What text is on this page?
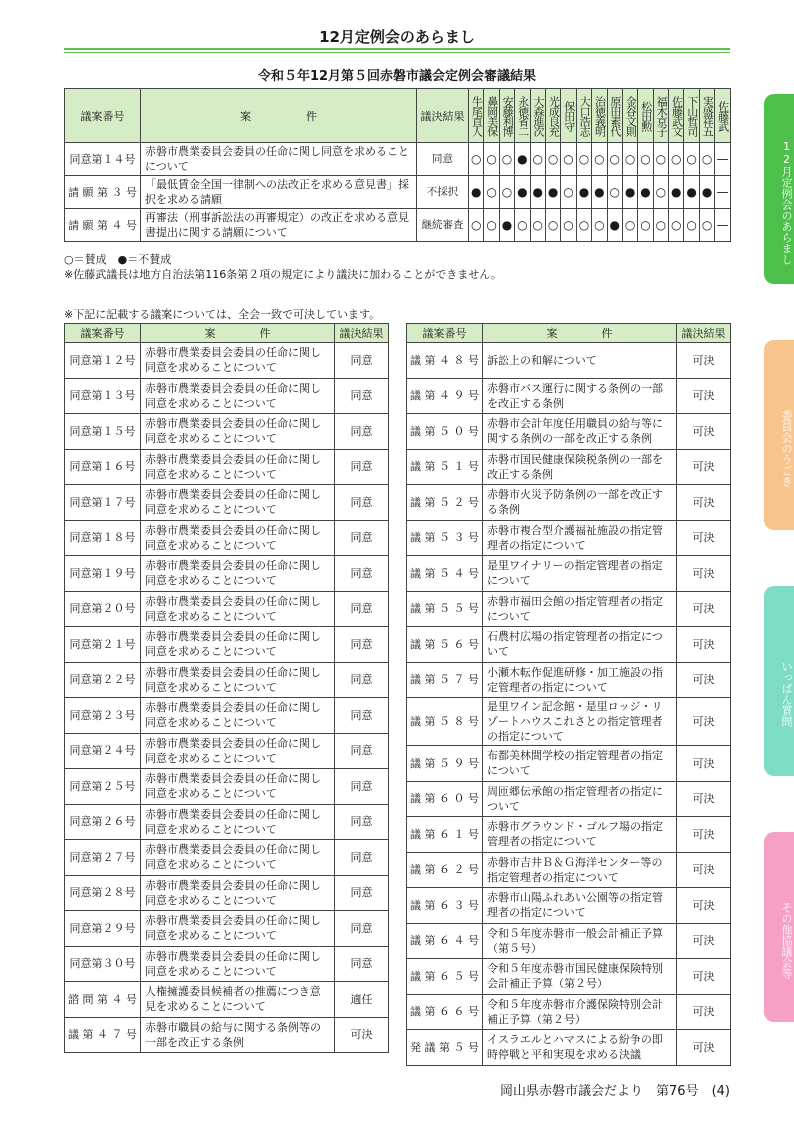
12月定例会のあらまし
令和５年12月第５回赤磐市議会定例会審議結果
議案番号	案　　　　　件	議決結果	牛尾直人	鼻岡美保	安藤利博	永徳省二	大森進次	光成良充	保田守	大口浩志	治徳義明	原田素代	金谷文則	松田勲	福木京子	佐藤武文	下山哲司	実盛祥五	佐藤武
同意第１４号	赤磐市農業委員会委員の任命に関し同意を求めることについて	同意	○	○	○	●	○	○	○	○	○	○	○	○	○	○	○	○	—
請 願 第 ３ 号	「最低賃金全国一律制への法改正を求める意見書」採択を求める請願	不採択	●	○	○	●	●	●	○	●	●	○	●	●	○	●	●	●	—
請 願 第 ４ 号	再審法（刑事訴訟法の再審規定）の改正を求める意見書提出に関する請願について	継続審査	○	○	●	○	○	○	○	○	○	●	○	○	○	○	○	○	—
○＝賛成　●＝不賛成
※佐藤武議長は地方自治法第116条第２項の規定により議決に加わることができません。
※下記に記載する議案については、全会一致で可決しています。
議案番号	案　　　　件	議決結果
同意第１２号	赤磐市農業委員会委員の任命に関し同意を求めることについて	同意
同意第１３号	赤磐市農業委員会委員の任命に関し同意を求めることについて	同意
同意第１５号	赤磐市農業委員会委員の任命に関し同意を求めることについて	同意
同意第１６号	赤磐市農業委員会委員の任命に関し同意を求めることについて	同意
同意第１７号	赤磐市農業委員会委員の任命に関し同意を求めることについて	同意
同意第１８号	赤磐市農業委員会委員の任命に関し同意を求めることについて	同意
同意第１９号	赤磐市農業委員会委員の任命に関し同意を求めることについて	同意
同意第２０号	赤磐市農業委員会委員の任命に関し同意を求めることについて	同意
同意第２１号	赤磐市農業委員会委員の任命に関し同意を求めることについて	同意
同意第２２号	赤磐市農業委員会委員の任命に関し同意を求めることについて	同意
同意第２３号	赤磐市農業委員会委員の任命に関し同意を求めることについて	同意
同意第２４号	赤磐市農業委員会委員の任命に関し同意を求めることについて	同意
同意第２５号	赤磐市農業委員会委員の任命に関し同意を求めることについて	同意
同意第２６号	赤磐市農業委員会委員の任命に関し同意を求めることについて	同意
同意第２７号	赤磐市農業委員会委員の任命に関し同意を求めることについて	同意
同意第２８号	赤磐市農業委員会委員の任命に関し同意を求めることについて	同意
同意第２９号	赤磐市農業委員会委員の任命に関し同意を求めることについて	同意
同意第３０号	赤磐市農業委員会委員の任命に関し同意を求めることについて	同意
諮 問 第 ４ 号	人権擁護委員候補者の推薦につき意見を求めることについて	適任
議 第 ４ ７ 号	赤磐市職員の給与に関する条例等の一部を改正する条例	可決
議案番号	案　　　　件	議決結果
議 第 ４ ８ 号	訴訟上の和解について	可決
議 第 ４ ９ 号	赤磐市バス運行に関する条例の一部を改正する条例	可決
議 第 ５ ０ 号	赤磐市会計年度任用職員の給与等に関する条例の一部を改正する条例	可決
議 第 ５ １ 号	赤磐市国民健康保険税条例の一部を改正する条例	可決
議 第 ５ ２ 号	赤磐市火災予防条例の一部を改正する条例	可決
議 第 ５ ３ 号	赤磐市複合型介護福祉施設の指定管理者の指定について	可決
議 第 ５ ４ 号	是里ワイナリーの指定管理者の指定について	可決
議 第 ５ ５ 号	赤磐市福田会館の指定管理者の指定について	可決
議 第 ５ ６ 号	石農村広場の指定管理者の指定について	可決
議 第 ５ ７ 号	小瀬木転作促進研修・加工施設の指定管理者の指定について	可決
議 第 ５ ８ 号	是里ワイン記念館・是里ロッジ・リゾートハウスこれさとの指定管理者の指定について	可決
議 第 ５ ９ 号	布都美林間学校の指定管理者の指定について	可決
議 第 ６ ０ 号	周匝郷伝承館の指定管理者の指定について	可決
議 第 ６ １ 号	赤磐市グラウンド・ゴルフ場の指定管理者の指定について	可決
議 第 ６ ２ 号	赤磐市吉井Ｂ＆Ｇ海洋センター等の指定管理者の指定について	可決
議 第 ６ ３ 号	赤磐市山陽ふれあい公園等の指定管理者の指定について	可決
議 第 ６ ４ 号	令和５年度赤磐市一般会計補正予算（第５号）	可決
議 第 ６ ５ 号	令和５年度赤磐市国民健康保険特別会計補正予算（第２号）	可決
議 第 ６ ６ 号	令和５年度赤磐市介護保険特別会計補正予算（第２号）	可決
発 議 第 ５ 号	イスラエルとハマスによる紛争の即時停戦と平和実現を求める決議	可決
12月定例会のあらまし
委員会のうごき
いっぱん質問
その他協議会等
岡山県赤磐市議会だより　第76号　(4)
